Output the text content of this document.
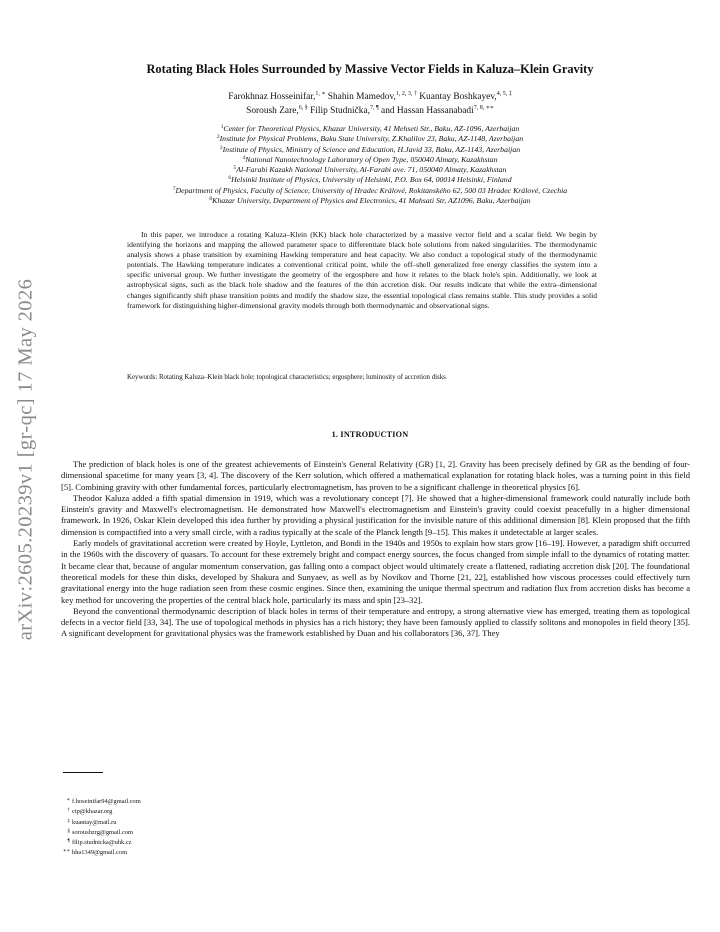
arXiv:2605.20239v1 [gr-qc] 17 May 2026
Rotating Black Holes Surrounded by Massive Vector Fields in Kaluza–Klein Gravity
Farokhnaz Hosseinifar,$^{1, ∗}$ Shahin Mamedov,$^{1, 2, 3, \dagger}$ Kuantay Boshkayev,$^{4, 5, \ddagger}$
Soroush Zare,$^{6, \S}$ Filip Studnička,$^{7, \P}$ and Hassan Hassanabadi$^{7, 8, ∗∗}$
$^1$Center for Theoretical Physics, Khazar University, 41 Mehseti Str., Baku, AZ-1096, Azerbaijan
$^2$Institute for Physical Problems, Baku State University, Z.Khalilov 23, Baku, AZ-1148, Azerbaijan
$^3$Institute of Physics, Ministry of Science and Education, H.Javid 33, Baku, AZ-1143, Azerbaijan
$^4$National Nanotechnology Laboratory of Open Type, 050040 Almaty, Kazakhstan
$^5$Al-Farabi Kazakh National University, Al-Farabi ave. 71, 050040 Almaty, Kazakhstan
$^6$Helsinki Institute of Physics, University of Helsinki, P.O. Box 64, 00014 Helsinki, Finland
$^7$Department of Physics, Faculty of Science, University of Hradec Králové, Rokitanského 62, 500 03 Hradec Králové, Czechia
$^8$Khazar University, Department of Physics and Electronics, 41 Mahsati Str, AZ1096, Baku, Azerbaijan

In this paper, we introduce a rotating Kaluza–Klein (KK) black hole characterized by a massive vector field and a scalar field. We begin by identifying the horizons and mapping the allowed parameter space to differentiate black hole solutions from naked singularities. The thermodynamic analysis shows a phase transition by examining Hawking temperature and heat capacity. We also conduct a topological study of the thermodynamic potentials. The Hawking temperature indicates a conventional critical point, while the off–shell generalized free energy classifies the system into a specific universal group. We further investigate the geometry of the ergosphere and how it relates to the black hole's spin. Additionally, we look at astrophysical signs, such as the black hole shadow and the features of the thin accretion disk. Our results indicate that while the extra–dimensional changes significantly shift phase transition points and modify the shadow size, the essential topological class remains stable. This study provides a solid framework for distinguishing higher-dimensional gravity models through both thermodynamic and observational signs.

Keywords: Rotating Kaluza–Klein black hole; topological characteristics; ergosphere; luminosity of accretion disks

1. INTRODUCTION

The prediction of black holes is one of the greatest achievements of Einstein's General Relativity (GR) [1, 2]. Gravity has been precisely defined by GR as the bending of four-dimensional spacetime for many years [3, 4]. The discovery of the Kerr solution, which offered a mathematical explanation for rotating black holes, was a turning point in this field [5]. Combining gravity with other fundamental forces, particularly electromagnetism, has proven to be a significant challenge in theoretical physics [6].

Theodor Kaluza added a fifth spatial dimension in 1919, which was a revolutionary concept [7]. He showed that a higher-dimensional framework could naturally include both Einstein's gravity and Maxwell's electromagnetism. He demonstrated how Maxwell's electromagnetism and Einstein's gravity could coexist peacefully in a higher dimensional framework. In 1926, Oskar Klein developed this idea further by providing a physical justification for the invisible nature of this additional dimension [8]. Klein proposed that the fifth dimension is compactified into a very small circle, with a radius typically at the scale of the Planck length [9–15]. This makes it undetectable at larger scales.

Early models of gravitational accretion were created by Hoyle, Lyttleton, and Bondi in the 1940s and 1950s to explain how stars grow [16–19]. However, a paradigm shift occurred in the 1960s with the discovery of quasars. To account for these extremely bright and compact energy sources, the focus changed from simple infall to the dynamics of rotating matter. It became clear that, because of angular momentum conservation, gas falling onto a compact object would ultimately create a flattened, radiating accretion disk [20]. The foundational theoretical models for these thin disks, developed by Shakura and Sunyaev, as well as by Novikov and Thorne [21, 22], established how viscous processes could effectively turn gravitational energy into the huge radiation seen from these cosmic engines. Since then, examining the unique thermal spectrum and radiation flux from accretion disks has become a key method for uncovering the properties of the central black hole, particularly its mass and spin [23–32].

Beyond the conventional thermodynamic description of black holes in terms of their temperature and entropy, a strong alternative view has emerged, treating them as topological defects in a vector field [33, 34]. The use of topological methods in physics has a rich history; they have been famously applied to classify solitons and monopoles in field theory [35]. A significant development for gravitational physics was the framework established by Duan and his collaborators [36, 37]. They

∗ f.hoseinifar94@gmail.com
† ctp@khazar.org
‡ kuantay@mail.ru
§ soroushzrg@gmail.com
¶ filip.studnicka@uhk.cz
∗∗ hha1349@gmail.com
